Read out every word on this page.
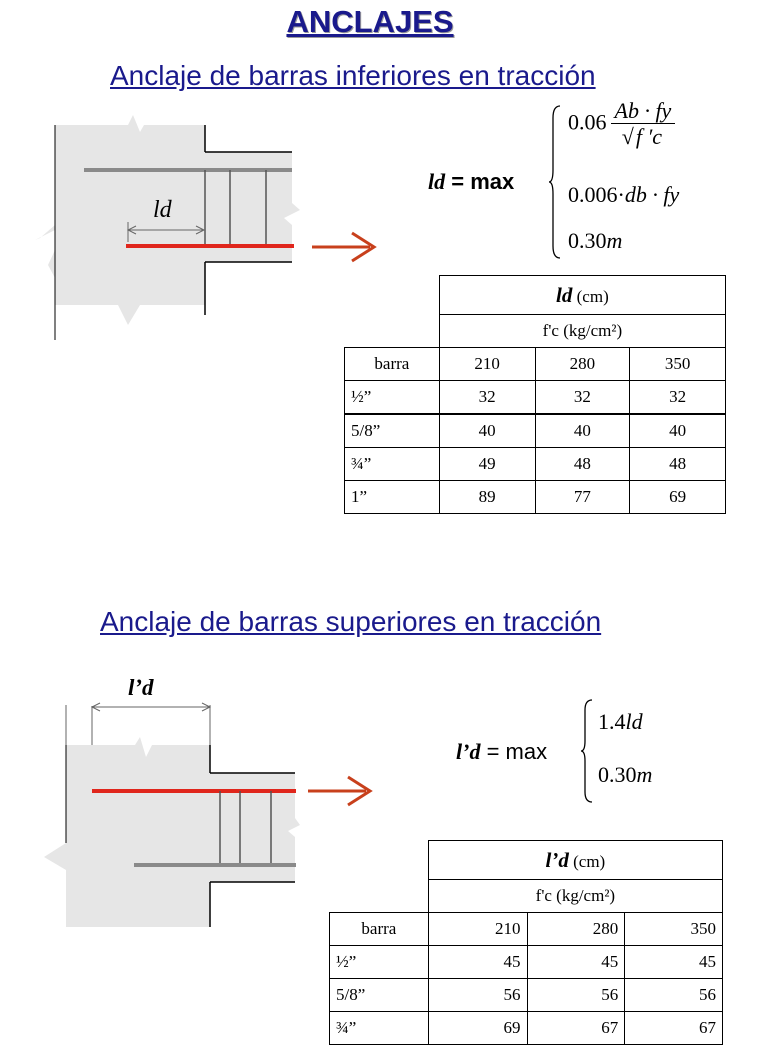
ANCLAJES
Anclaje de barras inferiores en tracción
ld
ld = max
$0.06 \frac{Ab \cdot fy}{√f 'c}$
0.006·db · fy
0.30m
	ld (cm)		
	f'c (kg/cm²)		
barra	210	280	350
½”	32	32	32
5/8”	40	40	40
¾”	49	48	48
1”	89	77	69
Anclaje de barras superiores en tracción
l’d
l’d = max
1.4ld
0.30m
	l’d (cm)		
	f'c (kg/cm²)		
barra	210	280	350
½”	45	45	45
5/8”	56	56	56
¾”	69	67	67
